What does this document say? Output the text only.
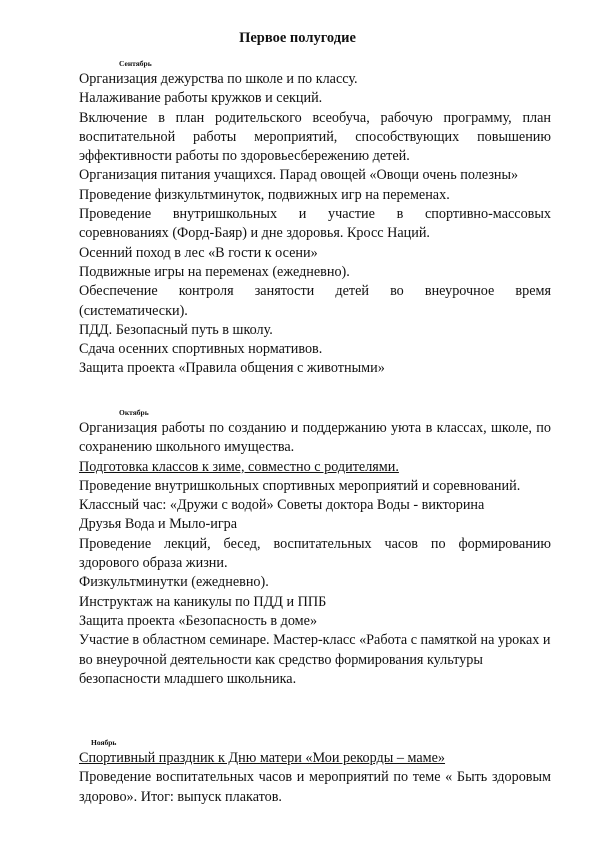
Первое полугодие
Сентябрь

Организация дежурства по школе и по классу.

Налаживание работы кружков и секций.

Включение в план родительского всеобуча, рабочую программу, план воспитательной работы мероприятий, способствующих повышению эффективности работы по здоровьесбережению детей.

Организация питания учащихся. Парад овощей «Овощи очень полезны»

Проведение физкультминуток, подвижных игр на переменах.

Проведение внутришкольных и участие в спортивно-массовых соревнованиях (Форд-Баяр) и дне здоровья. Кросс Наций.

Осенний поход в лес «В гости к осени»

Подвижные игры на переменах (ежедневно).

Обеспечение контроля занятости детей во внеурочное время (систематически).

ПДД. Безопасный путь в школу.

Сдача осенних спортивных нормативов.

Защита проекта «Правила общения с животными»

Октябрь

Организация работы по созданию и поддержанию уюта в классах, школе, по сохранению школьного имущества.

Подготовка классов к зиме, совместно с родителями.

Проведение внутришкольных спортивных мероприятий и соревнований.

Классный час: «Дружи с водой» Советы доктора Воды - викторина

Друзья Вода и Мыло-игра

Проведение лекций, бесед, воспитательных часов по формированию здорового образа жизни.

Физкультминутки (ежедневно).

Инструктаж на каникулы по ПДД и ППБ

Защита проекта «Безопасность в доме»

Участие в областном семинаре. Мастер-класс «Работа с памяткой на уроках и во внеурочной деятельности как средство формирования культуры безопасности младшего школьника.

Ноябрь

Спортивный праздник к Дню матери «Мои рекорды – маме»

Проведение воспитательных часов и мероприятий по теме « Быть здоровым здорово». Итог: выпуск плакатов.
